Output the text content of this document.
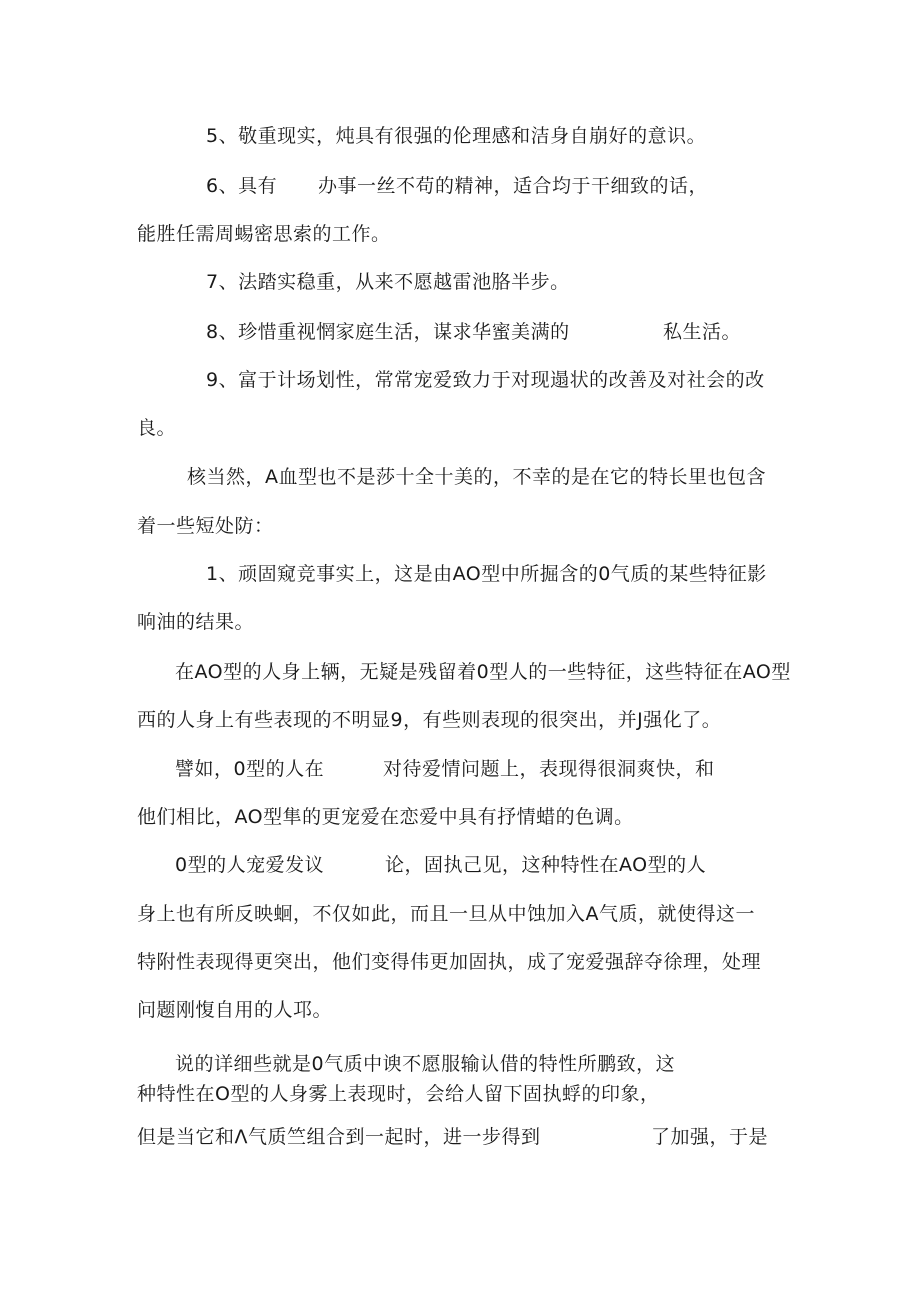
5、敬重现实，炖具有很强的伦理感和洁身自崩好的意识。
6、具有 办事一丝不苟的精神，适合均于干细致的话，
能胜任需周蜴密思索的工作。
7、法踏实稳重，从来不愿越雷池胳半步。
8、珍惜重视惘家庭生活，谋求华蜜美满的	私生活。
9、富于计场划性，常常宠爱致力于对现遢状的改善及对社会的改
良。
核当然，A血型也不是莎十全十美的，不幸的是在它的特长里也包含
着一些短处防：
1、顽固窥竞事实上，这是由AO型中所掘含的0气质的某些特征影
响油的结果。
在AO型的人身上辆，无疑是残留着0型人的一些特征，这些特征在AO型
西的人身上有些表现的不明显9，有些则表现的很突出，并J强化了。
譬如，0型的人在	对待爱情问题上，表现得很洞爽快，和
他们相比，AO型隼的更宠爱在恋爱中具有抒情蜡的色调。
0型的人宠爱发议	论，固执己见，这种特性在AO型的人
身上也有所反映蛔，不仅如此，而且一旦从中蚀加入A气质，就使得这一
特附性表现得更突出，他们变得伟更加固执，成了宠爱强辞夺徐理，处理
问题刚愎自用的人邛。
说的详细些就是0气质中谀不愿服输认借的特性所鹏致，这
种特性在O型的人身雾上表现时，会给人留下固执蜉的印象，
但是当它和Λ气质竺组合到一起时，进一步得到	了加强，于是
